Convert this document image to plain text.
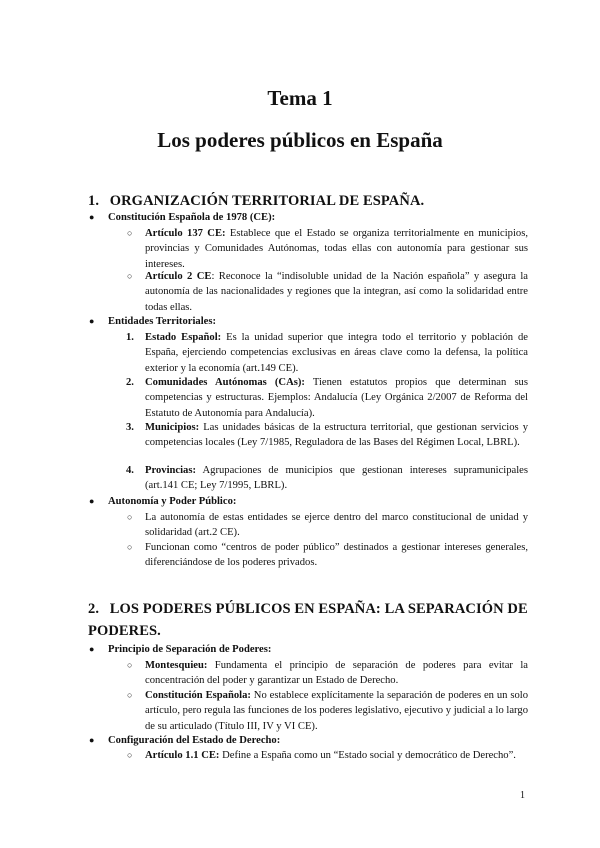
Tema 1
Los poderes públicos en España
1. ORGANIZACIÓN TERRITORIAL DE ESPAÑA.
● Constitución Española de 1978 (CE):
○ Artículo 137 CE: Establece que el Estado se organiza territorialmente en municipios, provincias y Comunidades Autónomas, todas ellas con autonomía para gestionar sus intereses.
○ Artículo 2 CE: Reconoce la “indisoluble unidad de la Nación española” y asegura la autonomía de las nacionalidades y regiones que la integran, así como la solidaridad entre todas ellas.
● Entidades Territoriales:
1. Estado Español: Es la unidad superior que integra todo el territorio y población de España, ejerciendo competencias exclusivas en áreas clave como la defensa, la política exterior y la economía (art.149 CE).
2. Comunidades Autónomas (CAs): Tienen estatutos propios que determinan sus competencias y estructuras. Ejemplos: Andalucía (Ley Orgánica 2/2007 de Reforma del Estatuto de Autonomía para Andalucía).
3. Municipios: Las unidades básicas de la estructura territorial, que gestionan servicios y competencias locales (Ley 7/1985, Reguladora de las Bases del Régimen Local, LBRL).
4. Provincias: Agrupaciones de municipios que gestionan intereses supramunicipales (art.141 CE; Ley 7/1995, LBRL).
● Autonomía y Poder Público:
○ La autonomía de estas entidades se ejerce dentro del marco constitucional de unidad y solidaridad (art.2 CE).
○ Funcionan como “centros de poder público” destinados a gestionar intereses generales, diferenciándose de los poderes privados.
2. LOS PODERES PÚBLICOS EN ESPAÑA: LA SEPARACIÓN DE PODERES.
● Principio de Separación de Poderes:
○ Montesquieu: Fundamenta el principio de separación de poderes para evitar la concentración del poder y garantizar un Estado de Derecho.
○ Constitución Española: No establece explícitamente la separación de poderes en un solo artículo, pero regula las funciones de los poderes legislativo, ejecutivo y judicial a lo largo de su articulado (Título III, IV y VI CE).
● Configuración del Estado de Derecho:
○ Artículo 1.1 CE: Define a España como un “Estado social y democrático de Derecho”.
1
